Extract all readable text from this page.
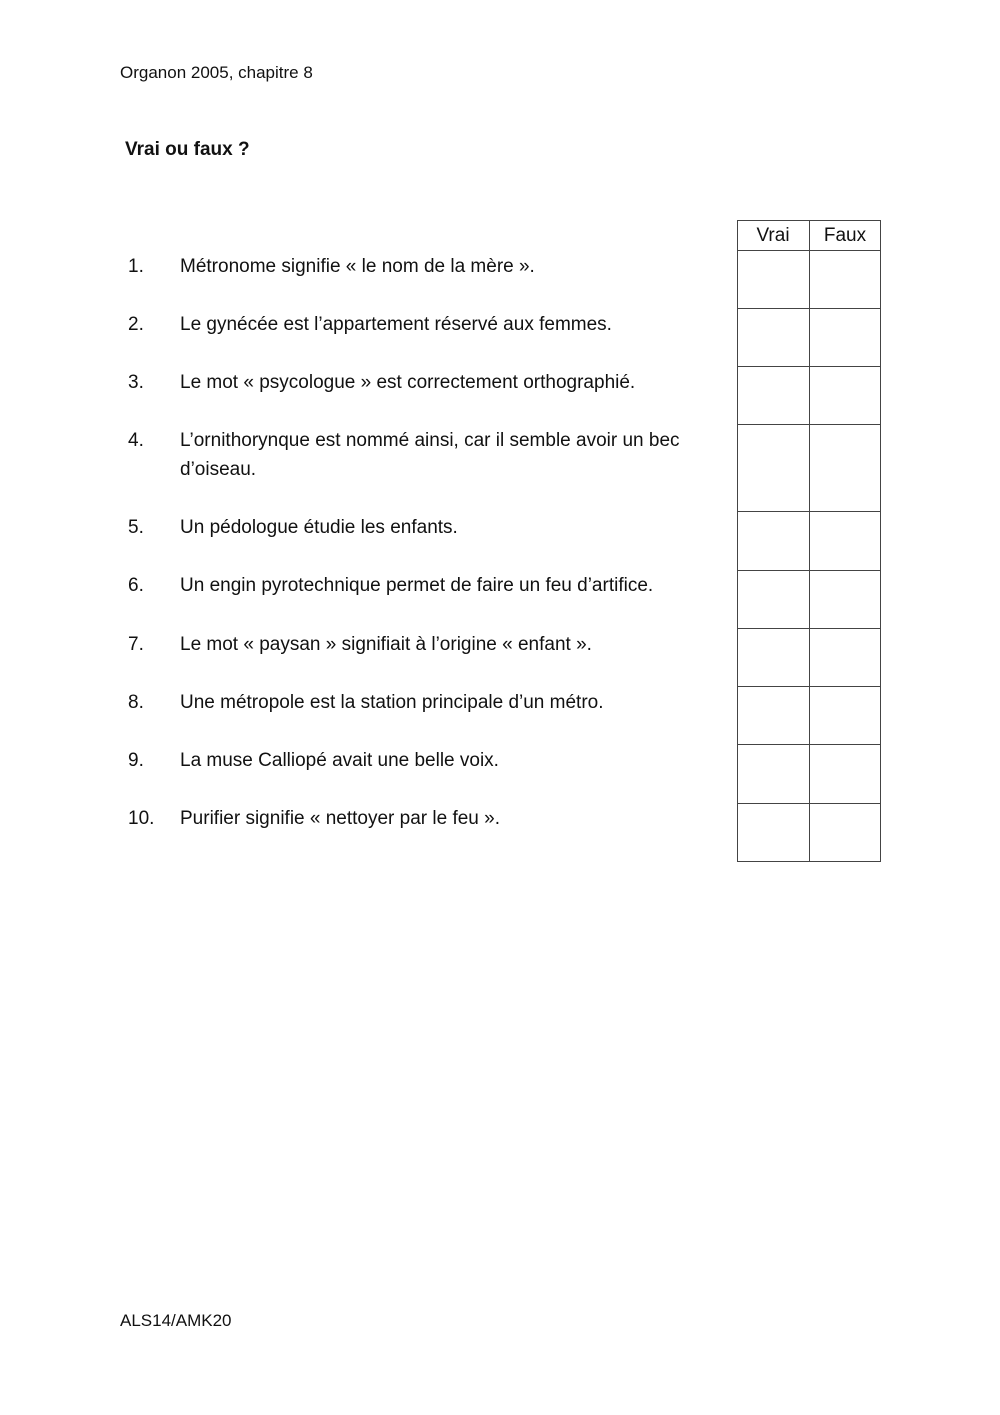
Organon 2005, chapitre 8
Vrai ou faux ?
1. Métronome signifie « le nom de la mère ».
2. Le gynécée est l’appartement réservé aux femmes.
3. Le mot « psycologue » est correctement orthographié.
4. L’ornithorynque est nommé ainsi, car il semble avoir un bec d’oiseau.
5. Un pédologue étudie les enfants.
6. Un engin pyrotechnique permet de faire un feu d’artifice.
7. Le mot « paysan » signifiait à l’origine « enfant ».
8. Une métropole est la station principale d’un métro.
9. La muse Calliopé avait une belle voix.
10. Purifier signifie « nettoyer par le feu ».
Vrai	Faux
ALS14/AMK20
